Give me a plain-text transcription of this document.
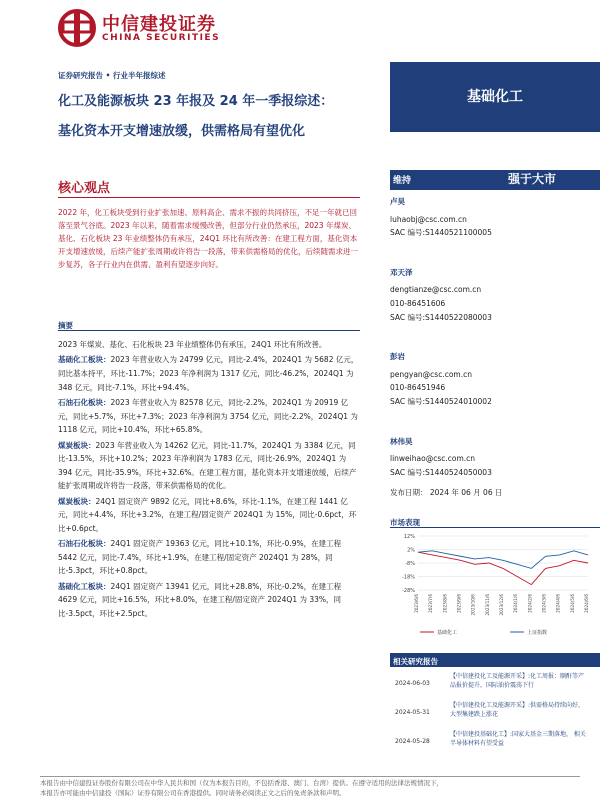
中信建投证券
CHINA SECURITIES
证券研究报告 • 行业半年报综述
化工及能源板块 23 年报及 24 年一季报综述：
基化资本开支增速放缓，供需格局有望优化
基础化工
核心观点
2022 年，化工板块受到行业扩张加速、原料高企、需求不振的共同挤压，不足一年就已回落至景气谷底。2023 年以来，随着需求缓慢改善，但部分行业仍然承压，2023 年煤炭、基化、石化板块 23 年业绩整体仍有承压，24Q1 环比有所改善：在建工程方面，基化资本开支增速放缓，后续产能扩张周期或许将告一段落，带来供需格局的优化，后续随需求进一步复苏，各子行业内在供需、盈利有望逐步向好。
摘要

2023 年煤炭、基化、石化板块 23 年业绩整体仍有承压，24Q1 环比有所改善。

基础化工板块：2023 年营业收入为 24799 亿元，同比-2.4%，2024Q1 为 5682 亿元，同比基本持平，环比-11.7%；2023 年净利润为 1317 亿元，同比-46.2%，2024Q1 为 348 亿元，同比-7.1%，环比+94.4%。

石油石化板块：2023 年营业收入为 82578 亿元，同比-2.2%，2024Q1 为 20919 亿元，同比+5.7%，环比+7.3%；2023 年净利润为 3754 亿元，同比-2.2%，2024Q1 为 1118 亿元，同比+10.4%，环比+65.8%。

煤炭板块：2023 年营业收入为 14262 亿元，同比-11.7%，2024Q1 为 3384 亿元，同比-13.5%，环比+10.2%；2023 年净利润为 1783 亿元，同比-26.9%，2024Q1 为 394 亿元，同比-35.9%，环比+32.6%。在建工程方面，基化资本开支增速放缓，后续产能扩张周期或许将告一段落，带来供需格局的优化。

煤炭板块：24Q1 固定资产 9892 亿元，同比+8.6%，环比-1.1%，在建工程 1441 亿元，同比+4.4%，环比+3.2%，在建工程/固定资产 2024Q1 为 15%，同比-0.6pct，环比+0.6pct。

石油石化板块：24Q1 固定资产 19363 亿元，同比+10.1%，环比-0.9%，在建工程 5442 亿元，同比-7.4%，环比+1.9%，在建工程/固定资产 2024Q1 为 28%，同比-5.3pct，环比+0.8pct。

基础化工板块：24Q1 固定资产 13941 亿元，同比+28.8%，环比-0.2%，在建工程 4629 亿元，同比+16.5%，环比+8.0%，在建工程/固定资产 2024Q1 为 33%，同比-3.5pct，环比+2.5pct。

维持	强于大市
卢昊
luhaobj@csc.com.cn
SAC 编号:S1440521100005
邓天泽
dengtianze@csc.com.cn
010-86451606
SAC 编号:S1440522080003
彭岩
pengyan@csc.com.cn
010-86451946
SAC 编号:S1440524010002
林伟昊
linweihao@csc.com.cn
SAC 编号:S1440524050003
发布日期： 2024 年 06 月 06 日
市场表现
12%
2%
-8%
-18%
-28%
2023/6/6 2023/7/6 2023/8/6 2023/9/6 2023/10/6 2023/11/6 2023/12/6 2024/1/6 2024/2/6 2024/3/6 2024/4/6 2024/5/6 2024/6/6
基础化工	上证指数
相关研究报告
2024-06-03
【中信建投化工及能源开采】:化工周报：顺酐等产品报价提升，国际油价震荡下行
2024-05-31
【中信建投化工及能源开采】:供需格局持续向好，大型集建跌上涨花
2024-05-28
【中信建投基础化工】:国家大基金三期落地， 相关半导体材料有望受益
本报告由中信建投证券股份有限公司在中华人民共和国（仅为本报告目的，不包括香港、澳门、台湾）提供。在遵守适用的法律法规情况下，
本报告亦可能由中信建投（国际）证券有限公司在香港提供。同时请务必阅读正文之后的免责条款和声明。
